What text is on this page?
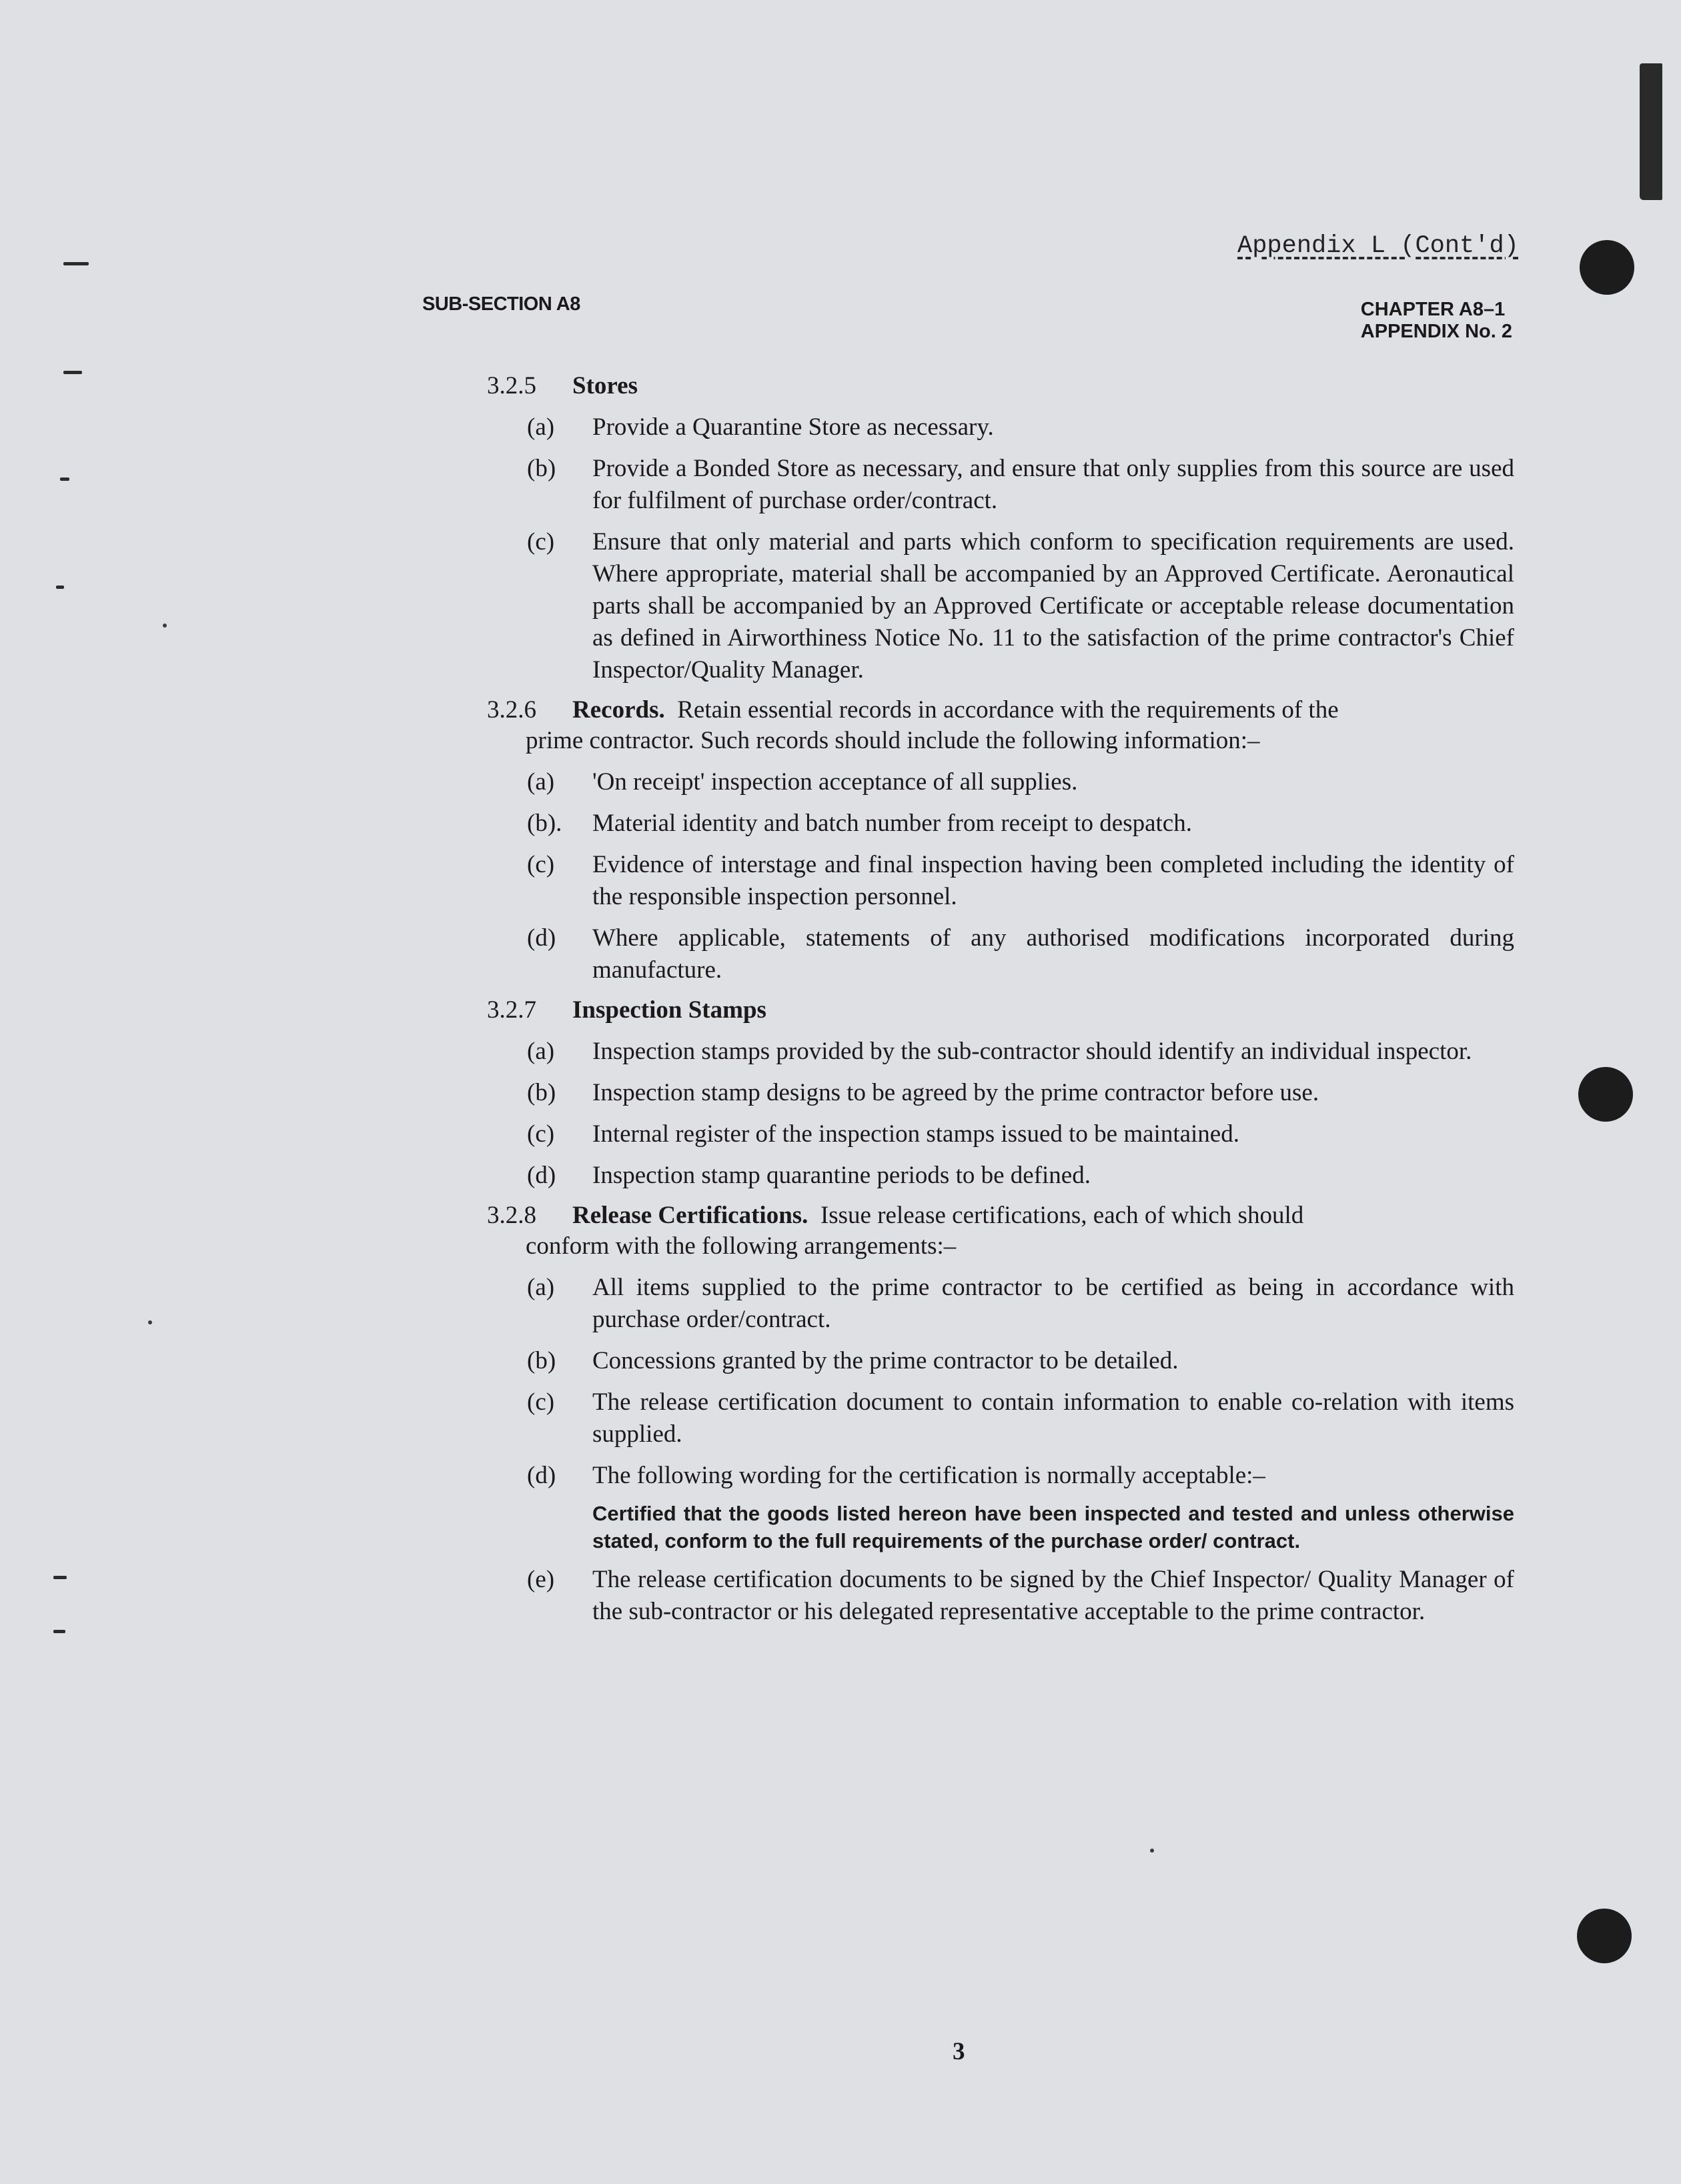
Appendix L (Cont'd)
SUB-SECTION A8	CHAPTER A8–1
APPENDIX No. 2
3.2.5	Stores
(a)	Provide a Quarantine Store as necessary.
(b)	Provide a Bonded Store as necessary, and ensure that only supplies from this source are used for fulfilment of purchase order/contract.
(c)	Ensure that only material and parts which conform to specification requirements are used. Where appropriate, material shall be accompanied by an Approved Certificate. Aeronautical parts shall be accompanied by an Approved Certificate or acceptable release documentation as defined in Airworthiness Notice No. 11 to the satisfaction of the prime contractor's Chief Inspector/Quality Manager.
3.2.6	Records. Retain essential records in accordance with the requirements of the
prime contractor. Such records should include the following information:–
(a)	'On receipt' inspection acceptance of all supplies.
(b).	Material identity and batch number from receipt to despatch.
(c)	Evidence of interstage and final inspection having been completed including the identity of the responsible inspection personnel.
(d)	Where applicable, statements of any authorised modifications incorporated during manufacture.
3.2.7	Inspection Stamps
(a)	Inspection stamps provided by the sub-contractor should identify an individual inspector.
(b)	Inspection stamp designs to be agreed by the prime contractor before use.
(c)	Internal register of the inspection stamps issued to be maintained.
(d)	Inspection stamp quarantine periods to be defined.
3.2.8	Release Certifications. Issue release certifications, each of which should
conform with the following arrangements:–
(a)	All items supplied to the prime contractor to be certified as being in accordance with purchase order/contract.
(b)	Concessions granted by the prime contractor to be detailed.
(c)	The release certification document to contain information to enable co-relation with items supplied.
(d)	The following wording for the certification is normally acceptable:–
Certified that the goods listed hereon have been inspected and tested and unless otherwise stated, conform to the full requirements of the purchase order/ contract.
(e)	The release certification documents to be signed by the Chief Inspector/ Quality Manager of the sub-contractor or his delegated representative acceptable to the prime contractor.
3
